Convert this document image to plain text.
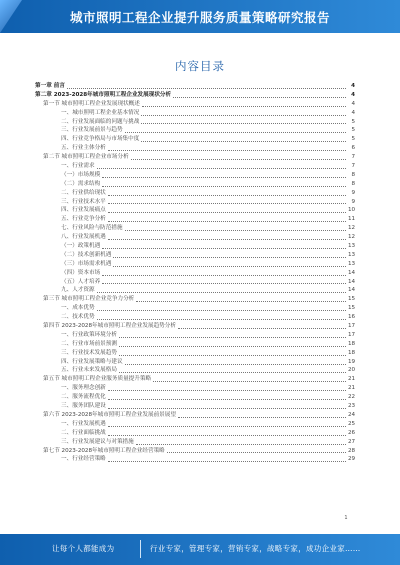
城市照明工程企业提升服务质量策略研究报告
内容目录
第一章 前言	4
第二章 2023-2028年城市照明工程企业发展现状分析	4
第一节 城市照明工程企业发展现状概述	4
一、城市照明工程企业基本情况	4
二、行业发展面临的问题与挑战	5
三、行业发展前景与趋势	5
四、行业竞争格局与市场集中度	5
五、行业主体分析	6
第二节 城市照明工程企业市场分析	7
一、行业需求	7
（一）市场规模	8
（二）需求结构	8
二、行业供给现状	9
三、行业技术水平	9
四、行业发展痛点	10
五、行业竞争分析	11
七、行业风险与防范措施	12
八、行业发展机遇	12
（一）政策机遇	13
（二）技术创新机遇	13
（三）市场需求机遇	13
（四）资本市场	14
（五）人才培养	14
九、人才资源	14
第三节 城市照明工程企业竞争力分析	15
一、成本优势	15
二、技术优势	16
第四节 2023-2028年城市照明工程企业发展趋势分析	17
一、行业政策环境分析	17
二、行业市场前景预测	18
三、行业技术发展趋势	18
四、行业发展策略与建议	19
五、行业未来发展格局	20
第五节 城市照明工程企业服务质量提升策略	21
一、服务理念创新	21
二、服务流程优化	22
三、服务团队建设	23
第六节 2023-2028年城市照明工程企业发展前景展望	24
一、行业发展机遇	25
二、行业面临挑战	26
三、行业发展建议与对策措施	27
第七节 2023-2028年城市照明工程企业经营策略	28
一、行业经营策略	29
1
让每个人都能成为	行业专家，管理专家，营销专家，战略专家，成功企业家……
